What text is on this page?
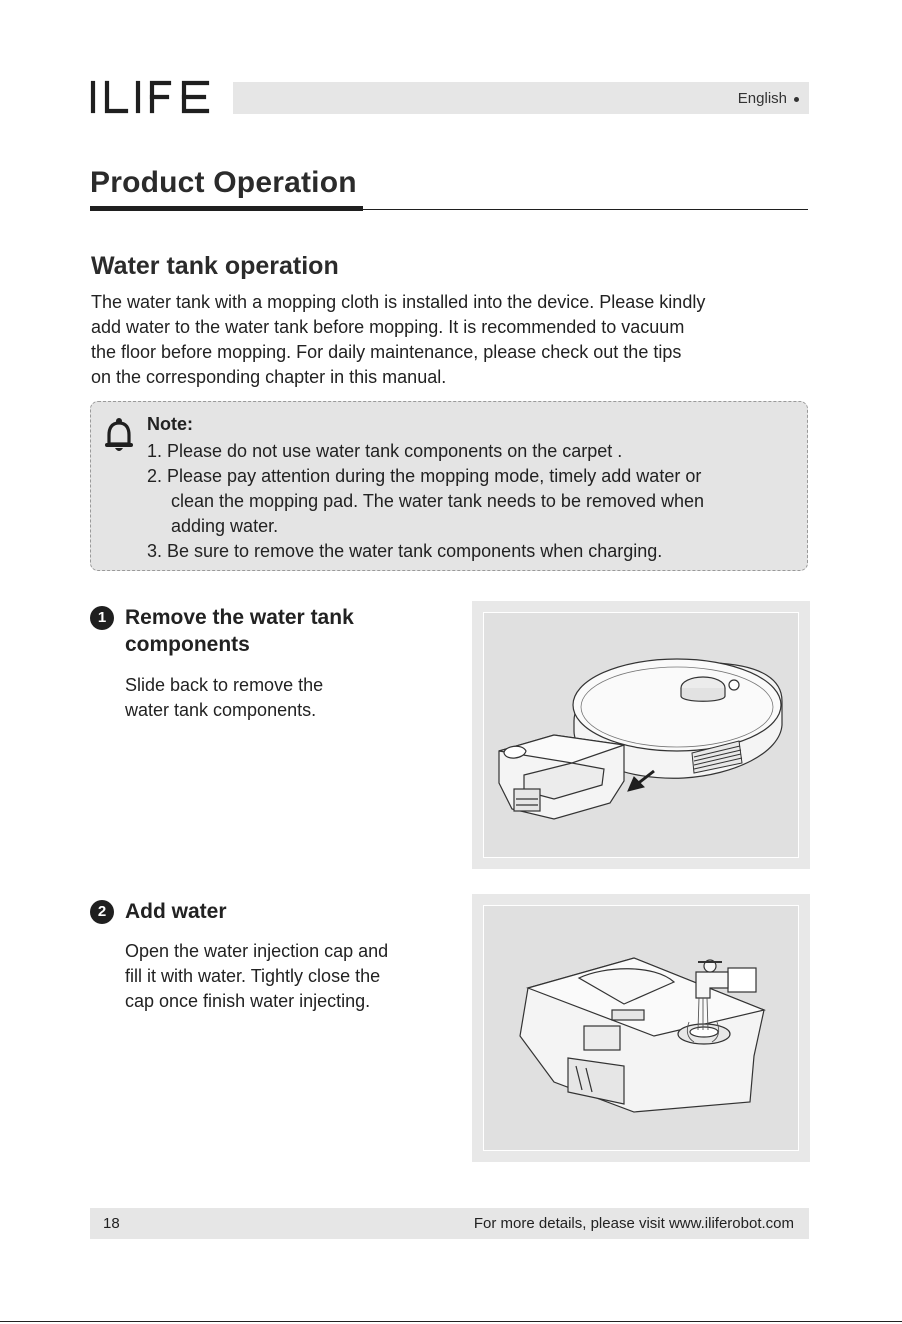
English
Product Operation
Water tank operation
The water tank with a mopping cloth is installed into the device. Please kindly
add water to the water tank before mopping. It is recommended to vacuum
the floor before mopping. For daily maintenance, please check out the tips
on the corresponding chapter in this manual.
Note:
1. Please do not use water tank components on the carpet .
2. Please pay attention during the mopping mode, timely add water or
clean the mopping pad. The water tank needs to be removed when
adding water.
3. Be sure to remove the water tank components when charging.
1 Remove the water tank
components
Slide back to remove the
water tank components.
2 Add water
Open the water injection cap and
fill it with water. Tightly close the
cap once finish water injecting.
18	For more details, please visit www.iliferobot.com
